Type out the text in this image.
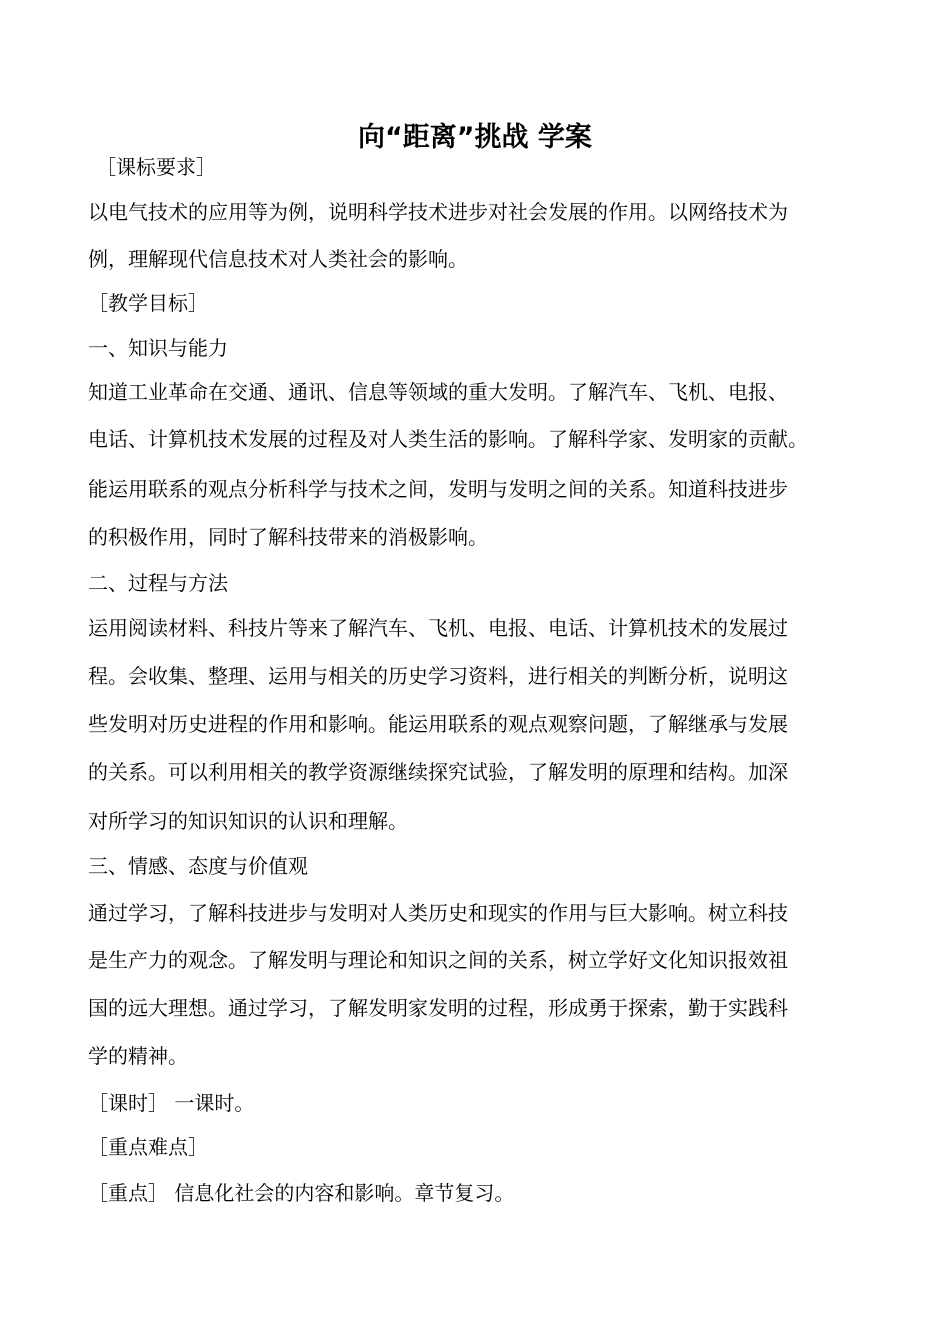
向“距离”挑战 学案
［课标要求］
以电气技术的应用等为例，说明科学技术进步对社会发展的作用。以网络技术为
例，理解现代信息技术对人类社会的影响。
［教学目标］
一、知识与能力
知道工业革命在交通、通讯、信息等领域的重大发明。了解汽车、飞机、电报、
电话、计算机技术发展的过程及对人类生活的影响。了解科学家、发明家的贡献。
能运用联系的观点分析科学与技术之间，发明与发明之间的关系。知道科技进步
的积极作用，同时了解科技带来的消极影响。
二、过程与方法
运用阅读材料、科技片等来了解汽车、飞机、电报、电话、计算机技术的发展过
程。会收集、整理、运用与相关的历史学习资料，进行相关的判断分析，说明这
些发明对历史进程的作用和影响。能运用联系的观点观察问题，了解继承与发展
的关系。可以利用相关的教学资源继续探究试验，了解发明的原理和结构。加深
对所学习的知识知识的认识和理解。
三、情感、态度与价值观
通过学习，了解科技进步与发明对人类历史和现实的作用与巨大影响。树立科技
是生产力的观念。了解发明与理论和知识之间的关系，树立学好文化知识报效祖
国的远大理想。通过学习，了解发明家发明的过程，形成勇于探索，勤于实践科
学的精神。
［课时］ 一课时。
［重点难点］
［重点］ 信息化社会的内容和影响。章节复习。
